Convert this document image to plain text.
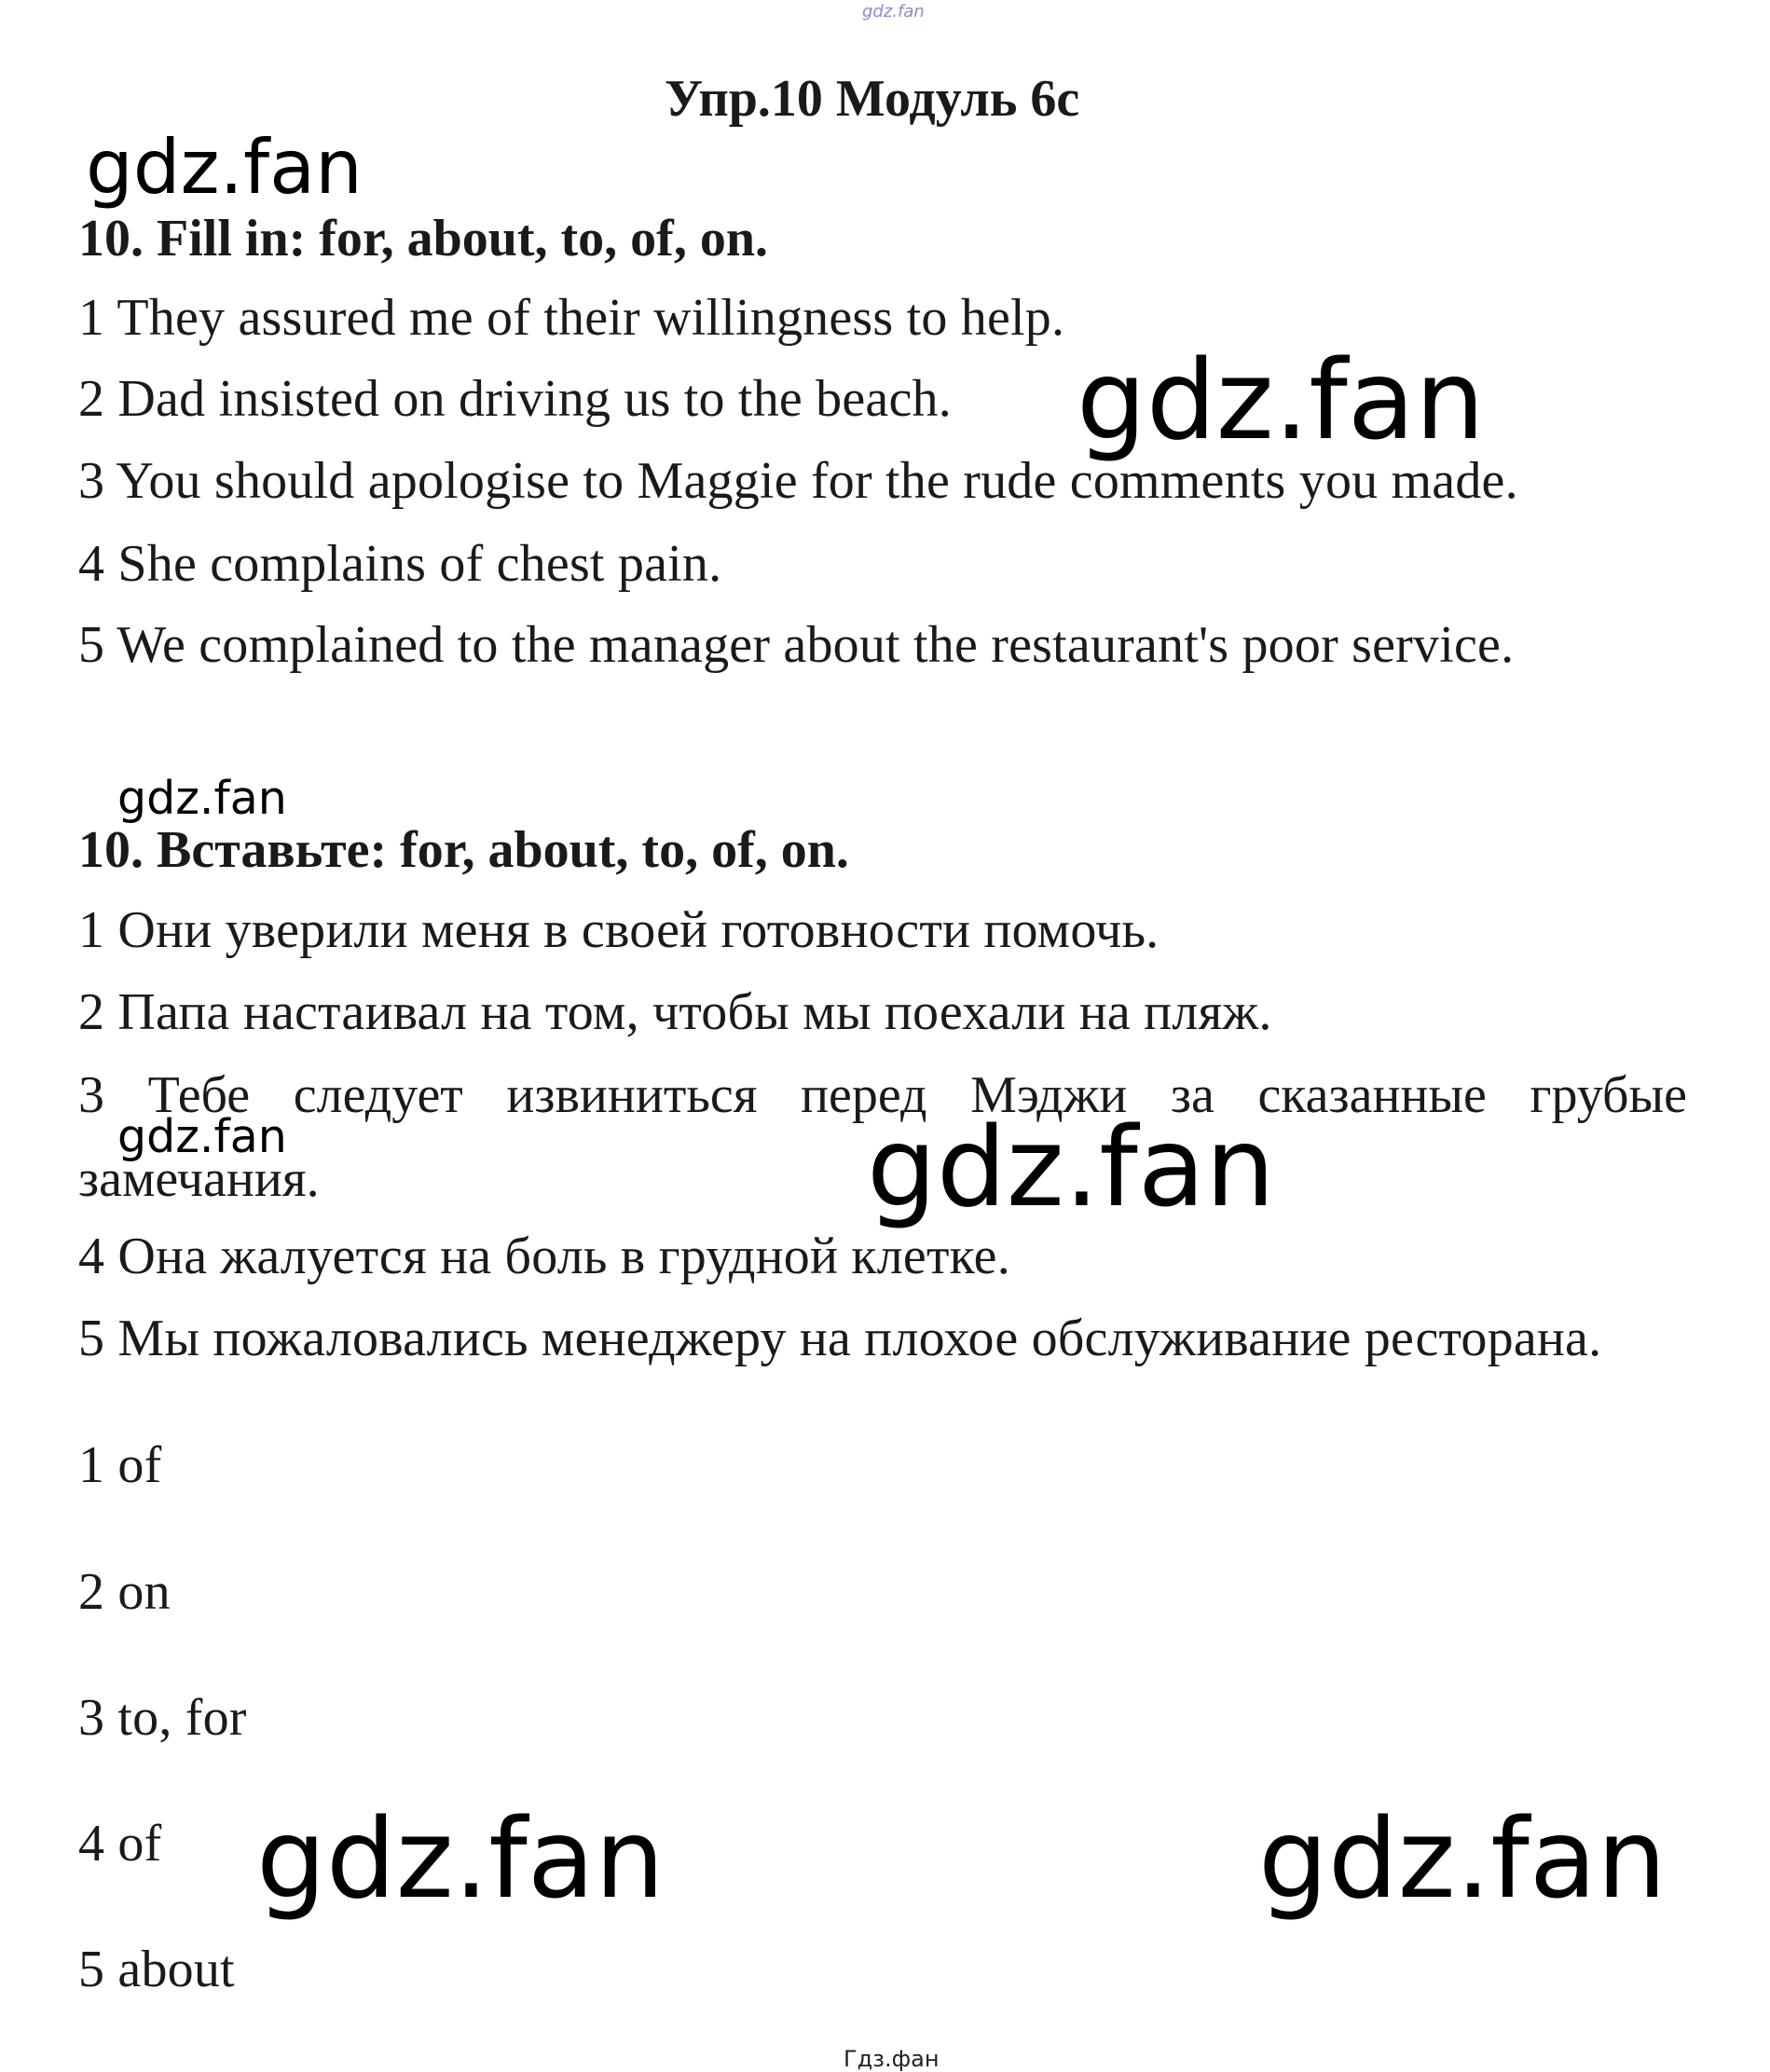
gdz.fan
Упр.10 Модуль 6с
gdz.fan
10. Fill in: for, about, to, of, on.
1 They assured me of their willingness to help.
2 Dad insisted on driving us to the beach. gdz.fan
3 You should apologise to Maggie for the rude comments you made.
4 She complains of chest pain.
5 We complained to the manager about the restaurant's poor service.
gdz.fan
10. Вставьте: for, about, to, of, on.
1 Они уверили меня в своей готовности помочь.
2 Папа настаивал на том, чтобы мы поехали на пляж.
3 Тебе следует извиниться перед Мэджи за сказанные грубые замечания.
gdz.fan	gdz.fan
4 Она жалуется на боль в грудной клетке.
5 Мы пожаловались менеджеру на плохое обслуживание ресторана.
1 of
2 on
3 to, for
4 of
5 about
gdz.fan	gdz.fan
Гдз.фан
